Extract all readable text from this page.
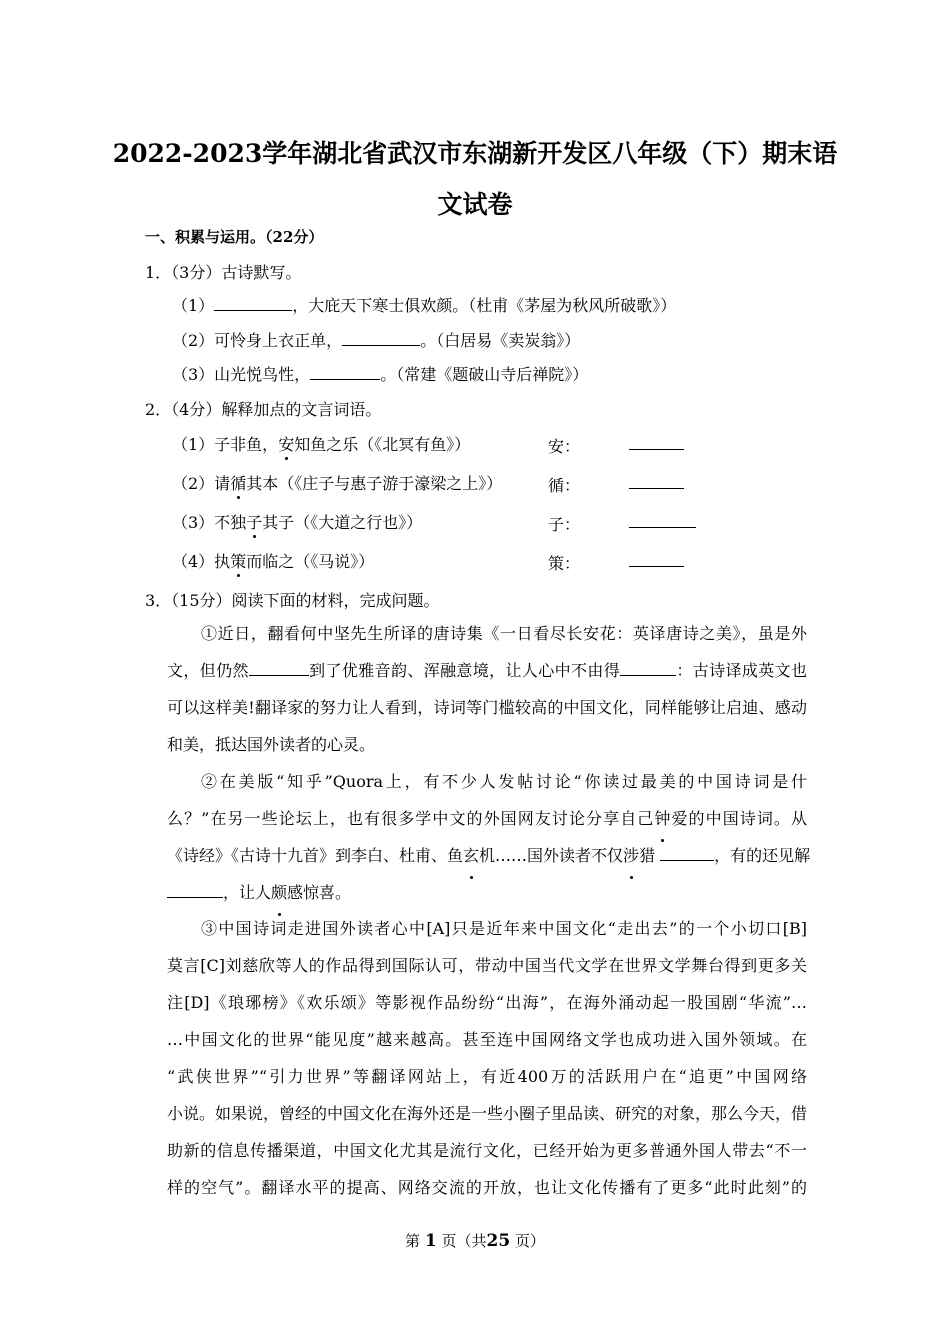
2022-2023学年湖北省武汉市东湖新开发区八年级（下）期末语
文试卷
一、积累与运用。（22分）
1．（3分）古诗默写。
（1）	，大庇天下寒士俱欢颜。（杜甫《茅屋为秋风所破歌》）
（2）可怜身上衣正单，	。（白居易《卖炭翁》）
（3）山光悦鸟性，	。（常建《题破山寺后禅院》）
2．（4分）解释加点的文言词语。
（1）子非鱼，安知鱼之乐（《北冥有鱼》）	安：
（2）请循其本（《庄子与惠子游于濠梁之上》）	循：
（3）不独子其子（《大道之行也》）	子：
（4）执策而临之（《马说》）	策：
3．（15分）阅读下面的材料，完成问题。
①近日，翻看何中坚先生所译的唐诗集《一日看尽长安花：英译唐诗之美》，虽是外
文，但仍然	到了优雅音韵、浑融意境，让人心中不由得	：古诗译成英文也
可以这样美!翻译家的努力让人看到，诗词等门槛较高的中国文化，同样能够让启迪、感动
和美，抵达国外读者的心灵。
②在美版“知乎”Quora上，有不少人发帖讨论“你读过最美的中国诗词是什
么？”在另一些论坛上，也有很多学中文的外国网友讨论分享自己钟爱的中国诗词。从
《诗经》《古诗十九首》到李白、杜甫、鱼玄机……国外读者不仅涉猎	，有的还见解
，让人颇感惊喜。
③中国诗词走进国外读者心中[A]只是近年来中国文化“走出去”的一个小切口[B]
莫言[C]刘慈欣等人的作品得到国际认可，带动中国当代文学在世界文学舞台得到更多关
注[D]《琅琊榜》《欢乐颂》等影视作品纷纷“出海”，在海外涌动起一股国剧“华流”…
…中国文化的世界“能见度”越来越高。甚至连中国网络文学也成功进入国外领域。在
“武侠世界”“引力世界”等翻译网站上，有近400万的活跃用户在“追更”中国网络
小说。如果说，曾经的中国文化在海外还是一些小圈子里品读、研究的对象，那么今天，借
助新的信息传播渠道，中国文化尤其是流行文化，已经开始为更多普通外国人带去“不一
样的空气”。翻译水平的提高、网络交流的开放，也让文化传播有了更多“此时此刻”的
第 1 页（共25 页）
